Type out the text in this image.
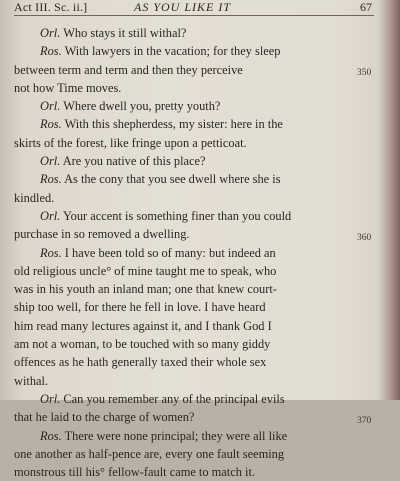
Act III. Sc. ii.]	AS YOU LIKE IT	67
Orl. Who stays it still withal?
Ros. With lawyers in the vacation; for they sleep
between term and term and then they perceive
not how Time moves.
Orl. Where dwell you, pretty youth?
Ros. With this shepherdess, my sister: here in the
skirts of the forest, like fringe upon a petticoat.
Orl. Are you native of this place?
Ros. As the cony that you see dwell where she is
kindled.
Orl. Your accent is something finer than you could
purchase in so removed a dwelling.
Ros. I have been told so of many: but indeed an
old religious uncle° of mine taught me to speak, who
was in his youth an inland man; one that knew court-
ship too well, for there he fell in love. I have heard
him read many lectures against it, and I thank God I
am not a woman, to be touched with so many giddy
offences as he hath generally taxed their whole sex
withal.
Orl. Can you remember any of the principal evils
that he laid to the charge of women?
Ros. There were none principal; they were all like
one another as half-pence are, every one fault seeming
monstrous till his° fellow-fault came to match it.
350
360
370
